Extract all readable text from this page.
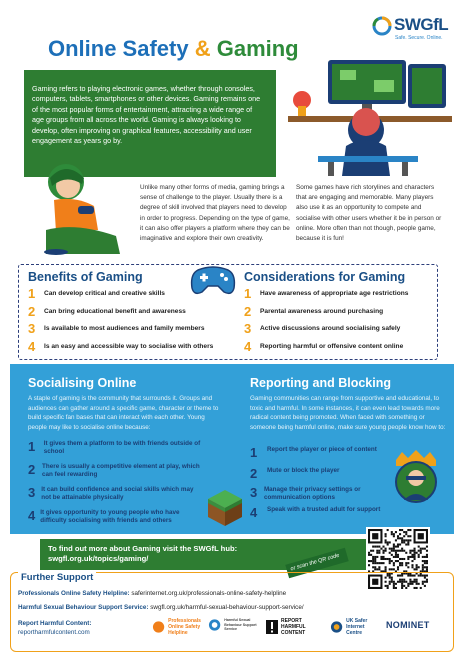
SWGfL
Safe. Secure. Online.
Online Safety & Gaming
Gaming refers to playing electronic games, whether through consoles, computers, tablets, smartphones or other devices. Gaming remains one of the most popular forms of entertainment, attracting a wide range of age groups from all across the world. Gaming is always looking to develop, often improving on graphical features, accessibility and user engagement as years go by.
Unlike many other forms of media, gaming brings a sense of challenge to the player. Usually there is a degree of skill involved that players need to develop in order to progress. Depending on the type of game, it can also offer players a platform where they can be imaginative and explore their own creativity.
Some games have rich storylines and characters that are engaging and memorable. Many players also use it as an opportunity to compete and socialise with other users whether it be in person or online. More often than not though, people game, because it is fun!
Benefits of Gaming	Considerations for Gaming
1	Can develop critical and creative skills
2	Can bring educational benefit and awareness
3	Is available to most audiences and family members
4	Is an easy and accessible way to socialise with others
1	Have awareness of appropriate age restrictions
2	Parental awareness around purchasing
3	Active discussions around socialising safely
4	Reporting harmful or offensive content online
Socialising Online
A staple of gaming is the community that surrounds it. Groups and audiences can gather around a specific game, character or theme to build specific fan bases that can interact with each other. Young people may like to socialise online because:
Reporting and Blocking
Gaming communities can range from supportive and educational, to toxic and harmful. In some instances, it can even lead towards more radical content being promoted. When faced with something or someone being harmful online, make sure young people know how to:
1	It gives them a platform to be with friends outside of school
2 There is usually a competitive element at play, which can feel rewarding
3 It can build confidence and social skills which may not be attainable physically
4 It gives opportunity to young people who have difficulty socialising with friends and others
1	Report the player or piece of content
2	Mute or block the player
3 Manage their privacy settings or communication options
4	Speak with a trusted adult for support
To find out more about Gaming visit the SWGfL hub:
swgfl.org.uk/topics/gaming/	or scan the QR code
Further Support
Professionals Online Safety Helpline: saferinternet.org.uk/professionals-online-safety-helpline
Harmful Sexual Behaviour Support Service: swgfl.org.uk/harmful-sexual-behaviour-support-service/
Report Harmful Content:
reportharmfulcontent.com
Professionals Online Safety Helpline
Harmful Sexual Behaviour Support Service
REPORT HARMFUL CONTENT
UK Safer Internet Centre
NOMINET
